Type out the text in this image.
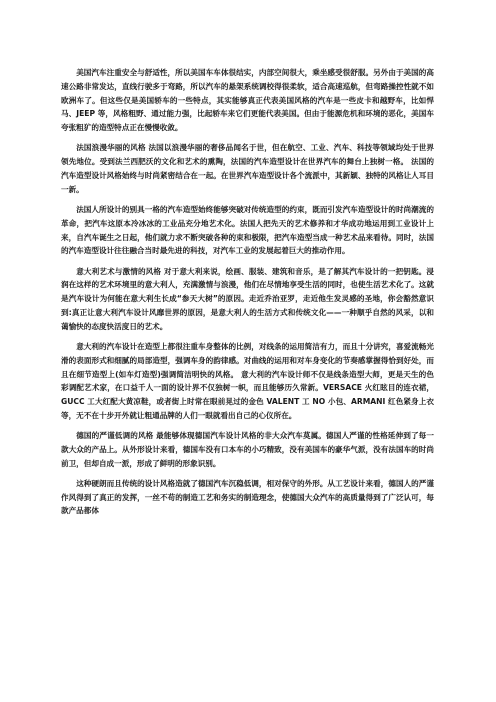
美国汽车注重安全与舒适性，所以美国车车体很结实，内部空间很大，乘坐感受很舒服。另外由于美国的高速公路非常发达，直线行驶多于弯路，所以汽车的悬架系统调校得很柔软，适合高速巡航，但弯路操控性就不如欧洲车了。但这些仅是美国轿车的一些特点，其实能够真正代表美国风格的汽车是一些皮卡和越野车，比如悍马、JEEP 等，风格粗野、通过能力强，比起轿车来它们更能代表美国。但由于能源危机和环境的恶化，美国车夸张粗犷的造型特点正在慢慢收敛。

法国浪漫华丽的风格 法国以浪漫华丽的奢侈品闻名于世，但在航空、工业、汽车、科技等领域均处于世界领先地位。受到法兰西肥沃的文化和艺术的熏陶，法国的汽车造型设计在世界汽车的舞台上独树一格。 法国的汽车造型设计风格始终与时尚紧密结合在一起。在世界汽车造型设计各个流派中，其新颖、独特的风格让人耳目一新。

法国人所设计的别具一格的汽车造型始终能够突破对传统造型的约束，既而引发汽车造型设计的时尚潮流的革命，把汽车这原本冷冰冰的工业品充分地艺术化。法国人把先天的艺术修养和才华成功地运用到工业设计上来，自汽车诞生之日起，他们就力求不断突破各种的束和极限，把汽车造型当成一种艺术品来看待。同时，法国的汽车造型设计往往融合当时最先进的科技，对汽车工业的发展起着巨大的推动作用。

意大利艺术与激情的风格 对于意大利来说，绘画、服装、建筑和音乐，是了解其汽车设计的一把钥匙。浸润在这样的艺术环境里的意大利人，充满激情与浪漫，他们在尽情地享受生活的同时，也使生活艺术化了。这就是汽车设计为何能在意大利生长成“参天大树”的原因。走近乔治亚罗，走近他生发灵感的圣地，你会豁然意识到:真正让意大利汽车设计风靡世界的原因，是意大利人的生活方式和传统文化——一种顺乎自然的风采，以和蔼愉快的态度快活度日的艺术。

意大利的汽车设计在造型上都很注重车身整体的比例，对线条的运用简洁有力，而且十分讲究，喜爱流畅光滑的表面形式和细腻的局部造型，强调车身的韵律感。对曲线的运用和对车身变化的节奏感掌握得恰到好处，而且在细节造型上(如车灯造型)强调简洁明快的风格。 意大利的汽车设计师不仅是线条造型大师，更是天生的色彩调配艺术家，在口益千人一面的设计界不仅独树一帜，而且能够历久常新。VERSACE 火红眩目的连衣裙， GUCC 工大红配大黄凉鞋，或者街上时常在眼前晃过的金色 VALENT 工 NO 小包、ARMANI 红色紧身上衣等，无不在十步开外就让粗通品牌的人们一眼就看出自己的心仪所在。

德国的严谨低调的风格 最能够体现德国汽车设计风格的非大众汽车莫属。德国人严谨的性格延伸到了每一款大众的产品上。从外形设计来看，德国车没有口本车的小巧精致，没有美国车的豪华气派，没有法国车的时尚前卫，但却自成一派，形成了鲜明的形象识别。

这种硬朗而且传统的设计风格造就了德国汽车沉稳低调，相对保守的外形。从工艺设计来看，德国人的严谨作风得到了真正的发挥，一丝不苟的制造工艺和务实的制造理念，使德国大众汽车的高质量得到了广泛认可，每款产品都体
